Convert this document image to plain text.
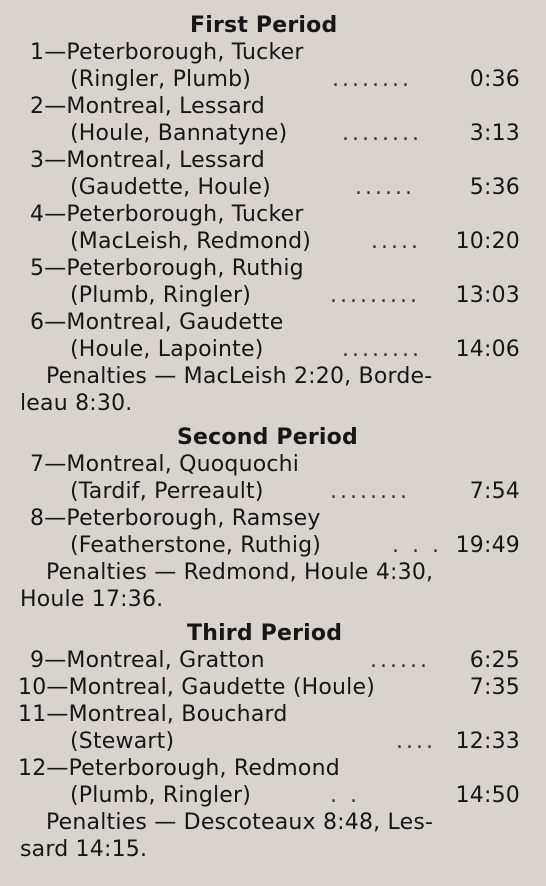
First Period
1—Peterborough, Tucker
(Ringler, Plumb)	........	0:36
2—Montreal, Lessard
(Houle, Bannatyne) ........ 3:13
3—Montreal, Lessard
(Gaudette, Houle)	...... 5:36
4—Peterborough, Tucker
(MacLeish, Redmond)	..... 10:20
5—Peterborough, Ruthig
(Plumb, Ringler)	......... 13:03
6—Montreal, Gaudette
(Houle, Lapointe)	........ 14:06
Penalties — MacLeish 2:20, Borde-
leau 8:30.
Second Period
7—Montreal, Quoquochi
(Tardif, Perreault)	........	7:54
8—Peterborough, Ramsey
(Featherstone, Ruthig)	. . . 19:49
Penalties — Redmond, Houle 4:30,
Houle 17:36.
Third Period
9—Montreal, Gratton	...... 6:25
10—Montreal, Gaudette (Houle)	7:35
11—Montreal, Bouchard
(Stewart)	.... 12:33
12—Peterborough, Redmond
(Plumb, Ringler)	. .	14:50
Penalties — Descoteaux 8:48, Les-
sard 14:15.
